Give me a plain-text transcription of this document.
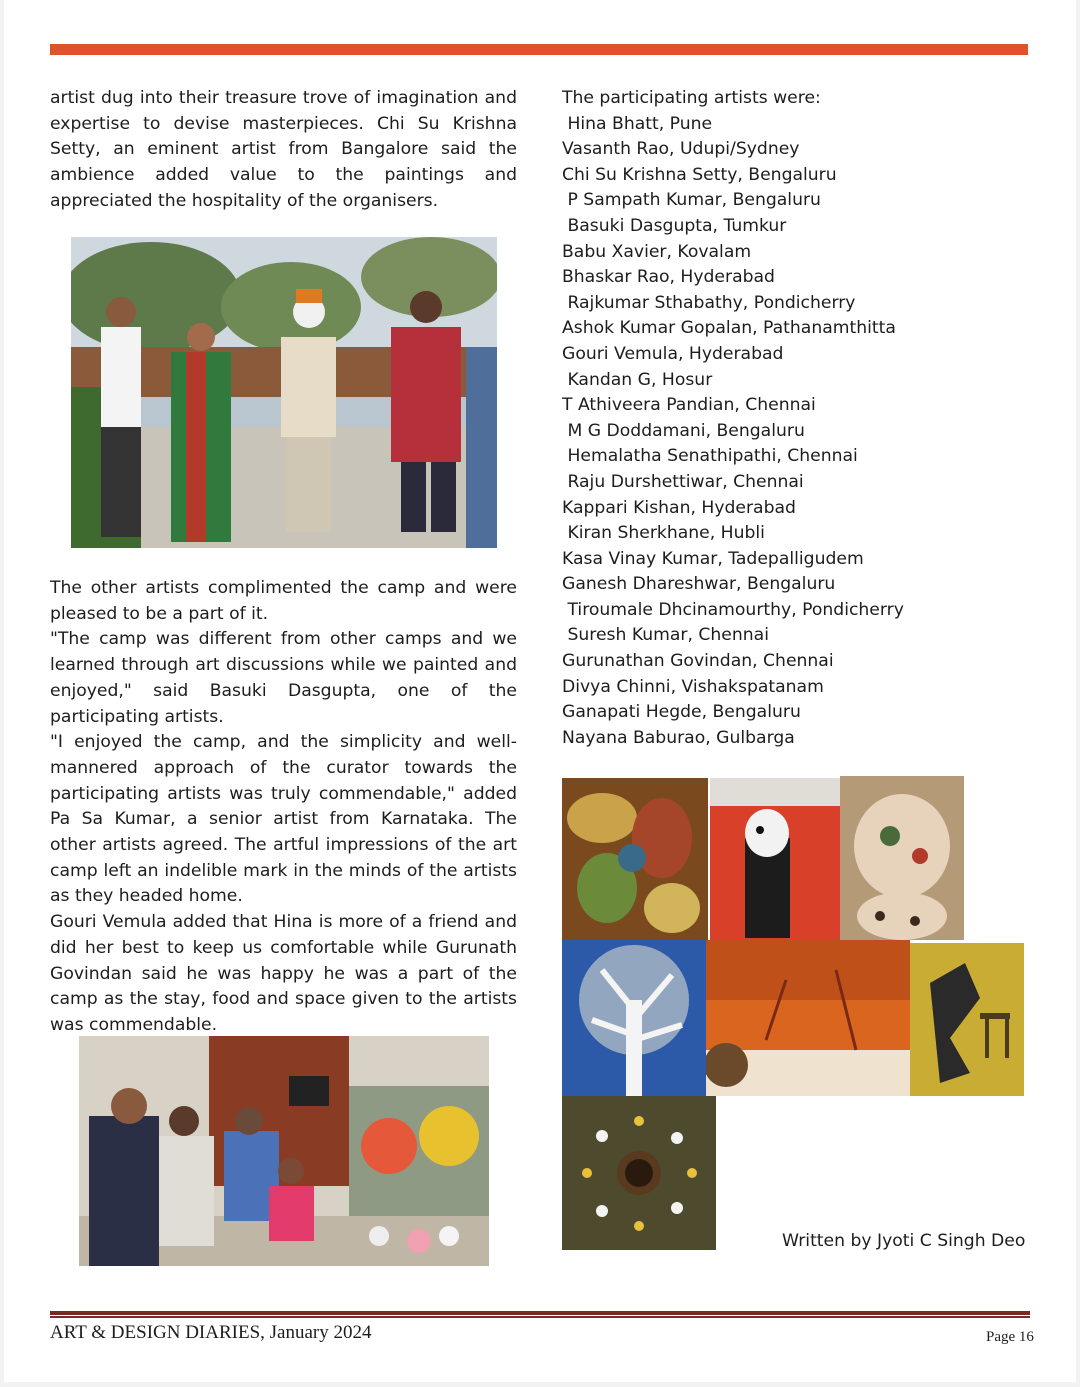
artist dug into their treasure trove of imagination and expertise to devise masterpieces. Chi Su Krishna Setty, an eminent artist from Bangalore said the ambience added value to the paintings and appreciated the hospitality of the organisers.

The other artists complimented the camp and were pleased to be a part of it.

"The camp was different from other camps and we learned through art discussions while we painted and enjoyed," said Basuki Dasgupta, one of the participating artists.

"I enjoyed the camp, and the simplicity and well-mannered approach of the curator towards the participating artists was truly commendable," added Pa Sa Kumar, a senior artist from Karnataka. The other artists agreed. The artful impressions of the art camp left an indelible mark in the minds of the artists as they headed home.

Gouri Vemula added that Hina is more of a friend and did her best to keep us comfortable while Gurunath Govindan said he was happy he was a part of the camp as the stay, food and space given to the artists was commendable.

The participating artists were:
Hina Bhatt, Pune
Vasanth Rao, Udupi/Sydney
Chi Su Krishna Setty, Bengaluru
P Sampath Kumar, Bengaluru
Basuki Dasgupta, Tumkur
Babu Xavier, Kovalam
Bhaskar Rao, Hyderabad
Rajkumar Sthabathy, Pondicherry
Ashok Kumar Gopalan, Pathanamthitta
Gouri Vemula, Hyderabad
Kandan G, Hosur
T Athiveera Pandian, Chennai
M G Doddamani, Bengaluru
Hemalatha Senathipathi, Chennai
Raju Durshettiwar, Chennai
Kappari Kishan, Hyderabad
Kiran Sherkhane, Hubli
Kasa Vinay Kumar, Tadepalligudem
Ganesh Dhareshwar, Bengaluru
Tiroumale Dhcinamourthy, Pondicherry
Suresh Kumar, Chennai
Gurunathan Govindan, Chennai
Divya Chinni, Vishakspatanam
Ganapati Hegde, Bengaluru
Nayana Baburao, Gulbarga
Written by Jyoti C Singh Deo
ART & DESIGN DIARIES, January 2024	Page 16
